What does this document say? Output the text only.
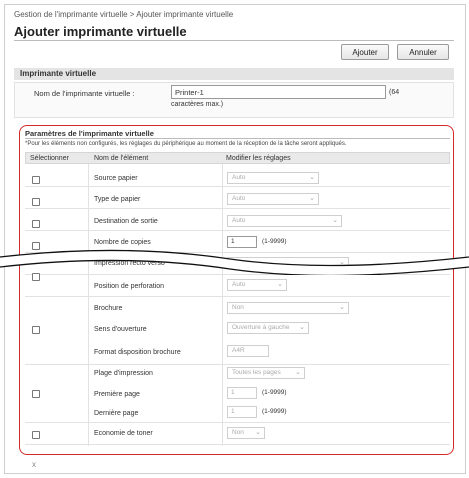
Gestion de l'imprimante virtuelle > Ajouter imprimante virtuelle
Ajouter imprimante virtuelle
Ajouter	Annuler
Imprimante virtuelle
Nom de l'imprimante virtuelle :	Printer-1	(64
caractères max.)
Paramètres de l'imprimante virtuelle
*Pour les éléments non configurés, les réglages du périphérique au moment de la réception de la tâche seront appliqués.
Sélectionner	Nom de l'élément	Modifier les réglages
Source papier	Auto	⌄
Type de papier	Auto	⌄
Destination de sortie	Auto	⌄
Nombre de copies	1	(1-9999)
Impression recto verso	⌄
Position de perforation	Auto	⌄
Brochure	Non	⌄
Sens d'ouverture	Ouverture à gauche ⌄
Format disposition brochure	A4R
Plage d'impression	Toutes les pages ⌄
Première page	1	(1-9999)
Dernière page	1	(1-9999)
Economie de toner	Non ⌄
x
